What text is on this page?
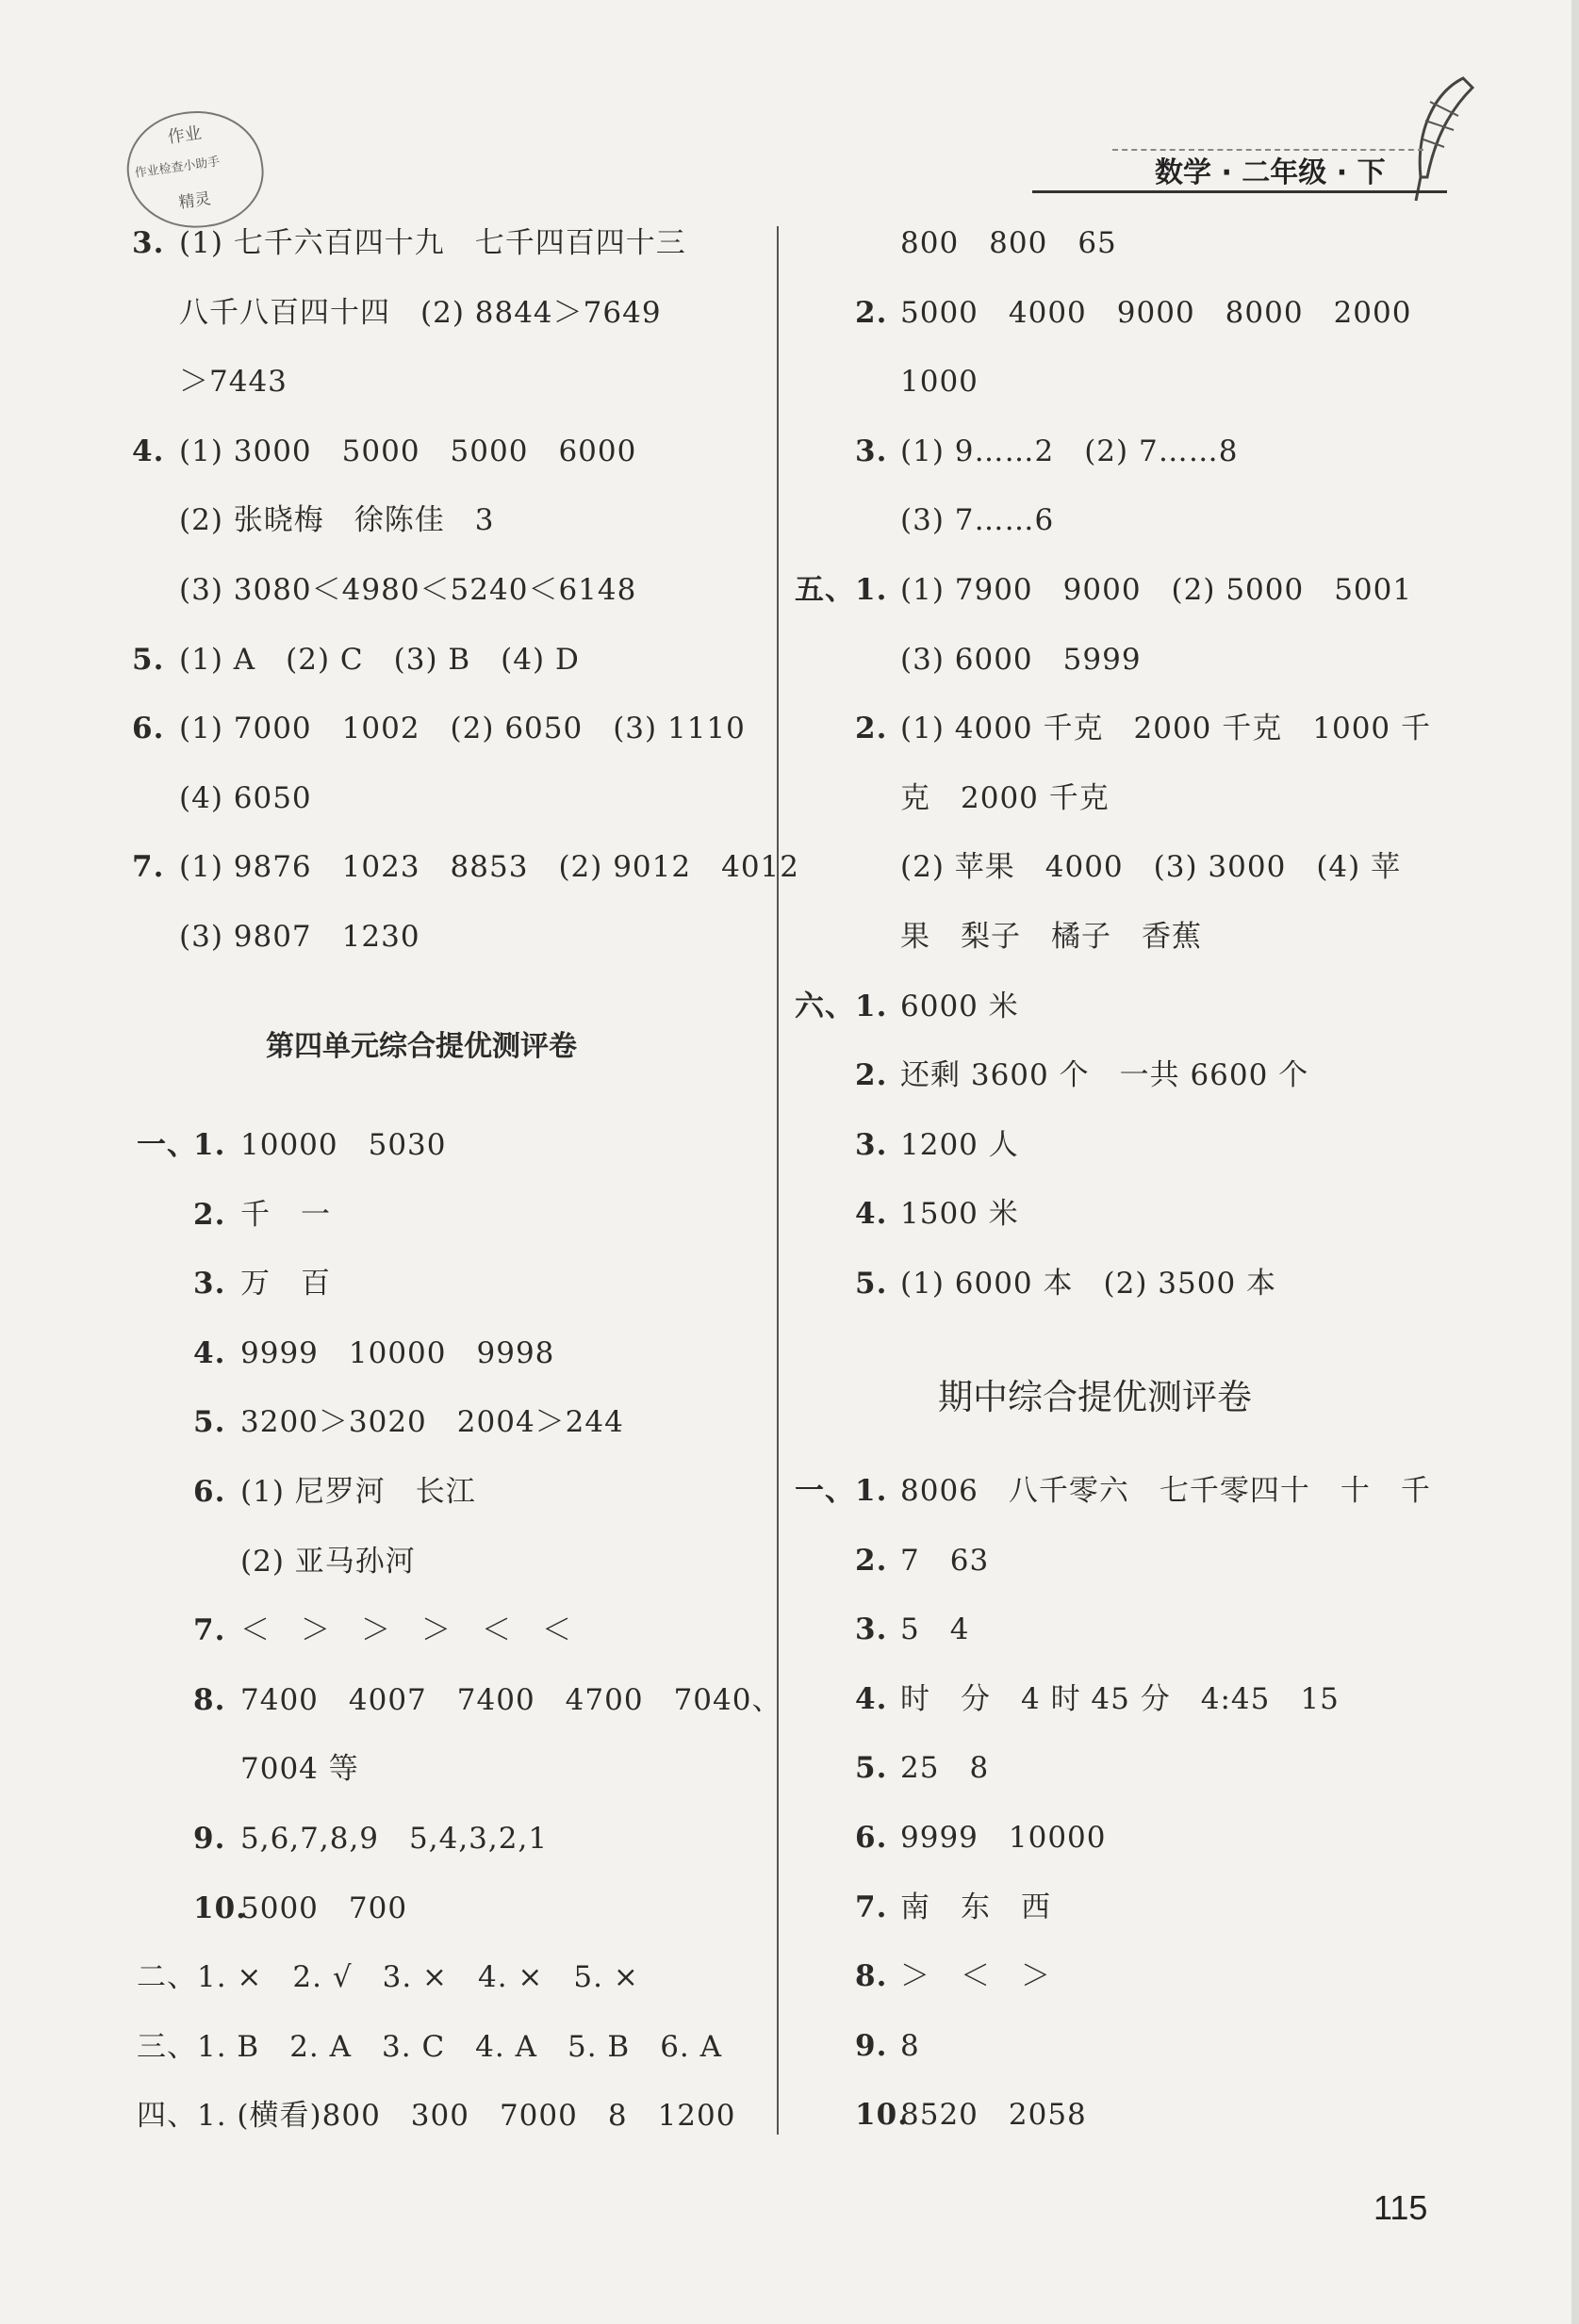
作业
作业检查小助手
精灵
数学 · 二年级 · 下
3. (1) 七千六百四十九　七千四百四十三
八千八百四十四　(2) 8844＞7649
＞7443
4. (1) 3000　5000　5000　6000
(2) 张晓梅　徐陈佳　3
(3) 3080＜4980＜5240＜6148
5. (1) A　(2) C　(3) B　(4) D
6. (1) 7000　1002　(2) 6050　(3) 1110
(4) 6050
7. (1) 9876　1023　8853　(2) 9012　4012
(3) 9807　1230
一、
1. 10000　5030
2. 千　一
3. 万　百
4. 9999　10000　9998
5. 3200＞3020　2004＞244
6. (1) 尼罗河　长江
(2) 亚马孙河
7. ＜　＞　＞　＞　＜　＜
8. 7400　4007　7400　4700　7040、
7004 等
9. 5,6,7,8,9　5,4,3,2,1
10.
5000　700
二、1. ×　2. √　3. ×　4. ×　5. ×
三、1. B　2. A　3. C　4. A　5. B　6. A
四、1. (横看)800　300　7000　8　1200
第四单元综合提优测评卷
800　800　65
2. 5000　4000　9000　8000　2000
1000
3. (1) 9……2　(2) 7……8
(3) 7……6
五、 1. (1) 7900　9000　(2) 5000　5001
(3) 6000　5999
2. (1) 4000 千克　2000 千克　1000 千
克　2000 千克
(2) 苹果　4000　(3) 3000　(4) 苹
果　梨子　橘子　香蕉
六、 1. 6000 米
2. 还剩 3600 个　一共 6600 个
3. 1200 人
4. 1500 米
5. (1) 6000 本　(2) 3500 本
一、 1. 8006　八千零六　七千零四十　十　千
2. 7　63
3. 5　4
4. 时　分　4 时 45 分　4:45　15
5. 25　8
6. 9999　10000
7. 南　东　西
8. ＞　＜　＞
9. 8
10.
8520　2058
期中综合提优测评卷
115
